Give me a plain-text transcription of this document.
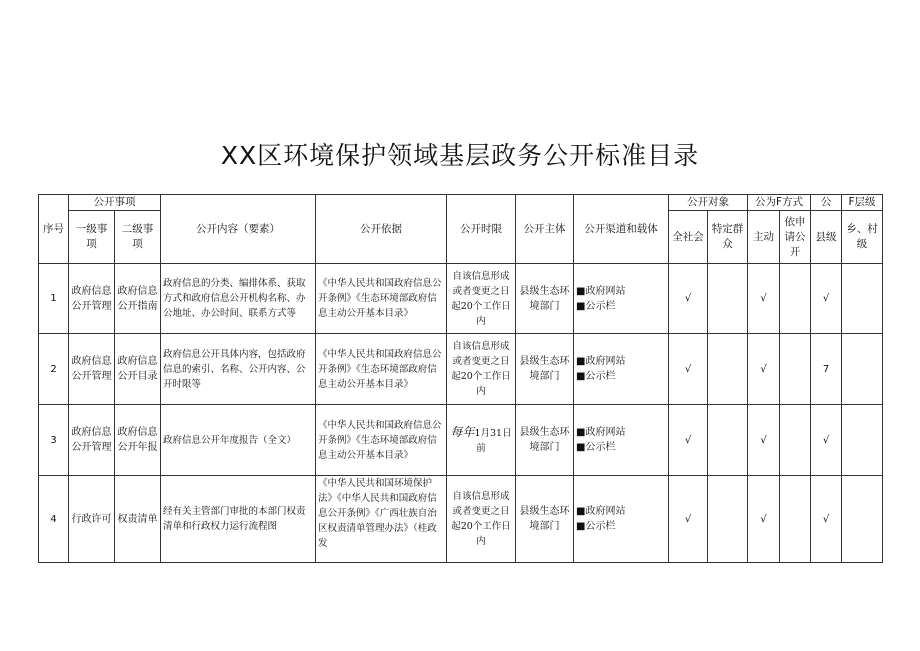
XX区环境保护领域基层政务公开标准目录
序号	公开事项		公开内容（要素）	公开依据	公开时限	公开主体	公开渠道和载体	公开对象		公为F方式		公	F层级
	一级事项	二级事项						全社会	特定群众	主动	依申请公开	县级	乡、村级
1	政府信息公开管理	政府信息公开指南	政府信息的分类、编排体系、获取方式和政府信息公开机构名称、办公地址、办公时间、联系方式等	《中华人民共和国政府信息公开条例》《生态环境部政府信息主动公开基本目录》	自该信息形成或者变更之日起20个工作日内	县级生态环境部门	■政府网站
■公示栏	√		√		√	
2	政府信息公开管理	政府信息公开目录	政府信息公开具体内容，包括政府信息的索引、名称、公开内容、公开时限等	《中华人民共和国政府信息公开条例》《生态环境部政府信息主动公开基本目录》	自该信息形成或者变更之日起20个工作日内	县级生态环境部门	■政府网站
■公示栏	√		√		7	
3	政府信息公开管理	政府信息公开年报	政府信息公开年度报告（全文）	《中华人民共和国政府信息公开条例》《生态环境部政府信息主动公开基本目录》	每年1月31日前	县级生态环境部门	■政府网站
■公示栏	√		√		√	
4	行政许可	权责清单	经有关主管部门审批的本部门权责清单和行政权力运行流程图	《中华人民共和国环境保护法》《中华人民共和国政府信息公开条例》《广西壮族自治区权责清单管理办法》（桂政发	自该信息形成或者变更之日起20个工作日内	县级生态环境部门	■政府网站
■公示栏	√		√		√	
